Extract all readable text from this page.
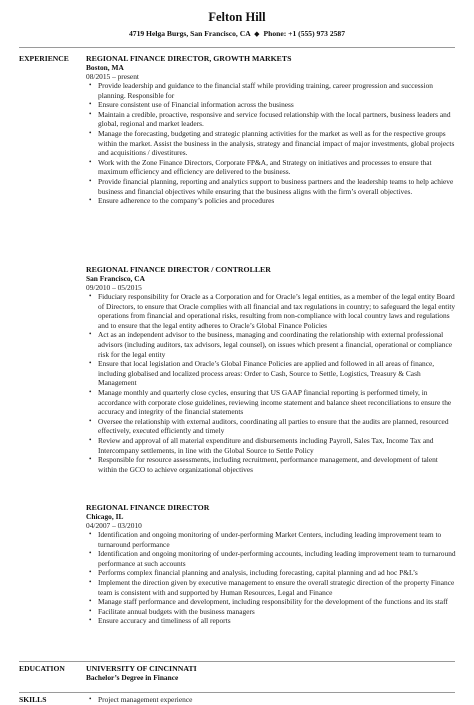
Felton Hill
4719 Helga Burgs, San Francisco, CA ◆ Phone: +1 (555) 973 2587
EXPERIENCE REGIONAL FINANCE DIRECTOR, GROWTH MARKETS
Boston, MA
08/2015 – present
• Provide leadership and guidance to the financial staff while providing training, career progression and succession planning. Responsible for
• Ensure consistent use of Financial information across the business
• Maintain a credible, proactive, responsive and service focused relationship with the local partners, business leaders and global, regional and market leaders.
• Manage the forecasting, budgeting and strategic planning activities for the market as well as for the respective groups within the market. Assist the business in the analysis, strategy and financial impact of major investments, global projects and acquisitions / divestitures.
• Work with the Zone Finance Directors, Corporate FP&A, and Strategy on initiatives and processes to ensure that maximum efficiency and efficiency are delivered to the business.
• Provide financial planning, reporting and analytics support to business partners and the leadership teams to help achieve business and financial objectives while ensuring that the business aligns with the firm’s overall objectives.
• Ensure adherence to the company’s policies and procedures
REGIONAL FINANCE DIRECTOR / CONTROLLER
San Francisco, CA
09/2010 – 05/2015
• Fiduciary responsibility for Oracle as a Corporation and for Oracle’s legal entities, as a member of the legal entity Board of Directors, to ensure that Oracle complies with all financial and tax regulations in country; to safeguard the legal entity operations from financial and operational risks, resulting from non-compliance with local country laws and regulations and to ensure that the legal entity adheres to Oracle’s Global Finance Policies
• Act as an independent advisor to the business, managing and coordinating the relationship with external professional advisors (including auditors, tax advisors, legal counsel), on issues which present a financial, operational or compliance risk for the legal entity
• Ensure that local legislation and Oracle’s Global Finance Policies are applied and followed in all areas of finance, including globalised and localized process areas: Order to Cash, Source to Settle, Logistics, Treasury & Cash Management
• Manage monthly and quarterly close cycles, ensuring that US GAAP financial reporting is performed timely, in accordance with corporate close guidelines, reviewing income statement and balance sheet reconciliations to ensure the accuracy and integrity of the financial statements
• Oversee the relationship with external auditors, coordinating all parties to ensure that the audits are planned, resourced effectively, executed efficiently and timely
• Review and approval of all material expenditure and disbursements including Payroll, Sales Tax, Income Tax and Intercompany settlements, in line with the Global Source to Settle Policy
• Responsible for resource assessments, including recruitment, performance management, and development of talent within the GCO to achieve organizational objectives
REGIONAL FINANCE DIRECTOR
Chicago, IL
04/2007 – 03/2010
• Identification and ongoing monitoring of under-performing Market Centers, including leading improvement team to turnaround performance
• Identification and ongoing monitoring of under-performing accounts, including leading improvement team to turnaround performance at such accounts
• Performs complex financial planning and analysis, including forecasting, capital planning and ad hoc P&L’s
• Implement the direction given by executive management to ensure the overall strategic direction of the property Finance team is consistent with and supported by Human Resources, Legal and Finance
• Manage staff performance and development, including responsibility for the development of the functions and its staff
• Facilitate annual budgets with the business managers
• Ensure accuracy and timeliness of all reports
EDUCATION	UNIVERSITY OF CINCINNATI
Bachelor’s Degree in Finance
SKILLS	• Project management experience
